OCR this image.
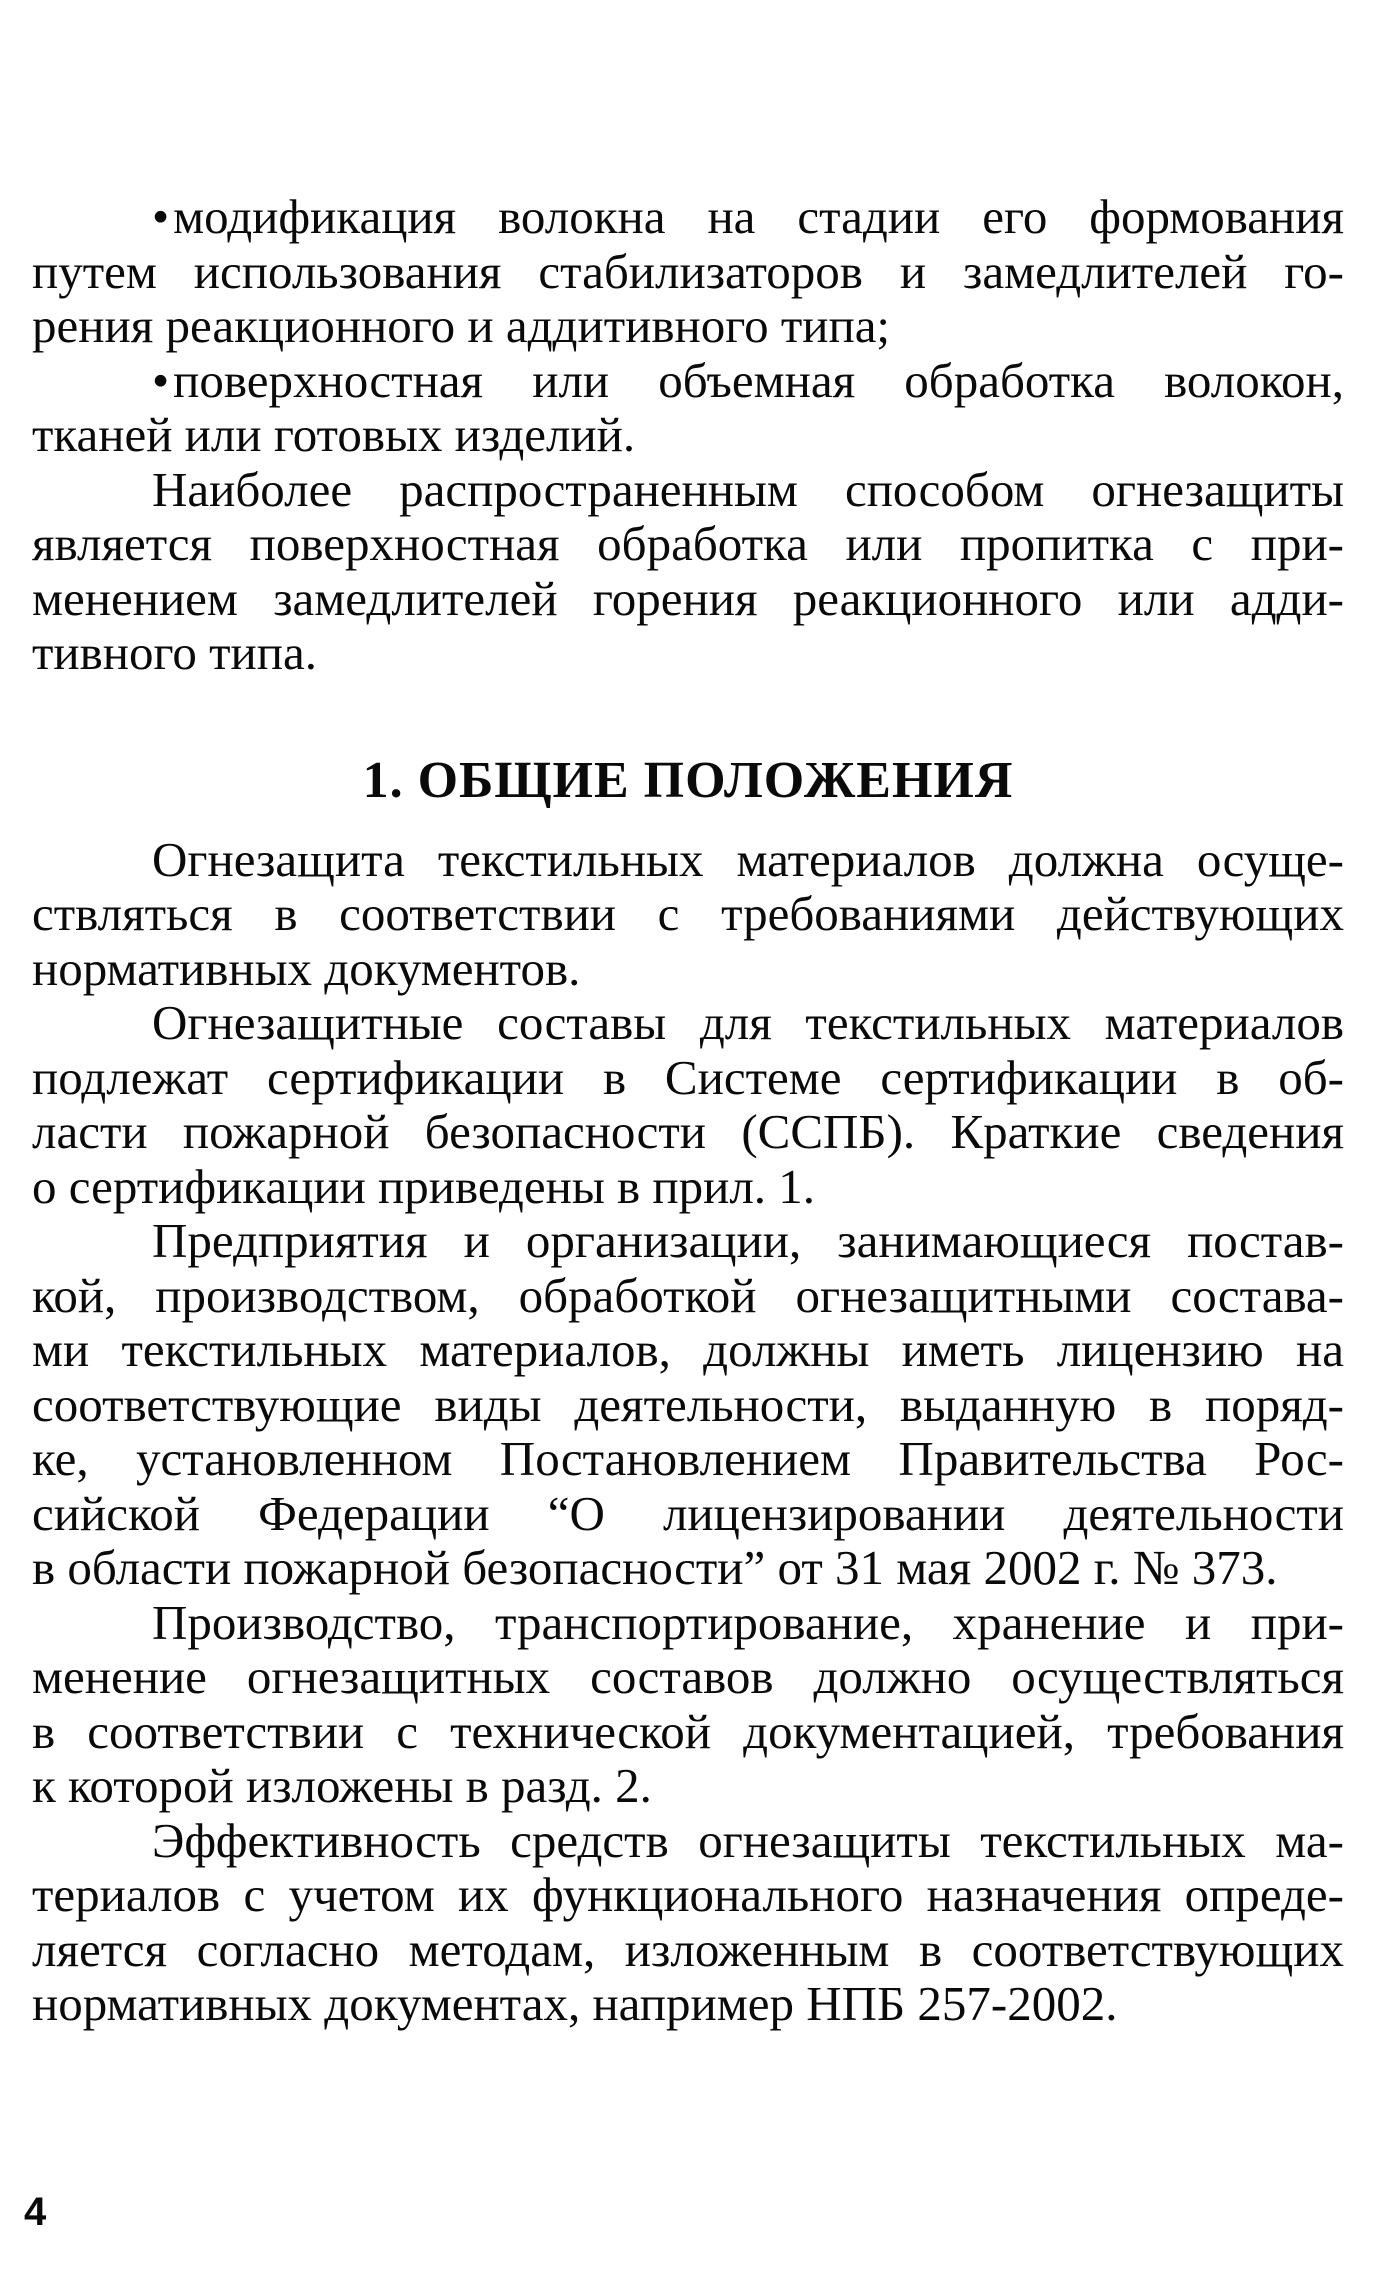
•модификация волокна на стадии его формования
путем использования стабилизаторов и замедлителей го-
рения реакционного и аддитивного типа;
•поверхностная или объемная обработка волокон,
тканей или готовых изделий.
Наиболее распространенным способом огнезащиты
является поверхностная обработка или пропитка с при-
менением замедлителей горения реакционного или адди-
тивного типа.
1. ОБЩИЕ ПОЛОЖЕНИЯ
Огнезащита текстильных материалов должна осуще-
ствляться в соответствии с требованиями действующих
нормативных документов.
Огнезащитные составы для текстильных материалов
подлежат сертификации в Системе сертификации в об-
ласти пожарной безопасности (ССПБ). Краткие сведения
о сертификации приведены в прил. 1.
Предприятия и организации, занимающиеся постав-
кой, производством, обработкой огнезащитными состава-
ми текстильных материалов, должны иметь лицензию на
соответствующие виды деятельности, выданную в поряд-
ке, установленном Постановлением Правительства Рос-
сийской Федерации “О лицензировании деятельности
в области пожарной безопасности” от 31 мая 2002 г. № 373.
Производство, транспортирование, хранение и при-
менение огнезащитных составов должно осуществляться
в соответствии с технической документацией, требования
к которой изложены в разд. 2.
Эффективность средств огнезащиты текстильных ма-
териалов с учетом их функционального назначения опреде-
ляется согласно методам, изложенным в соответствующих
нормативных документах, например НПБ 257-2002.
4
